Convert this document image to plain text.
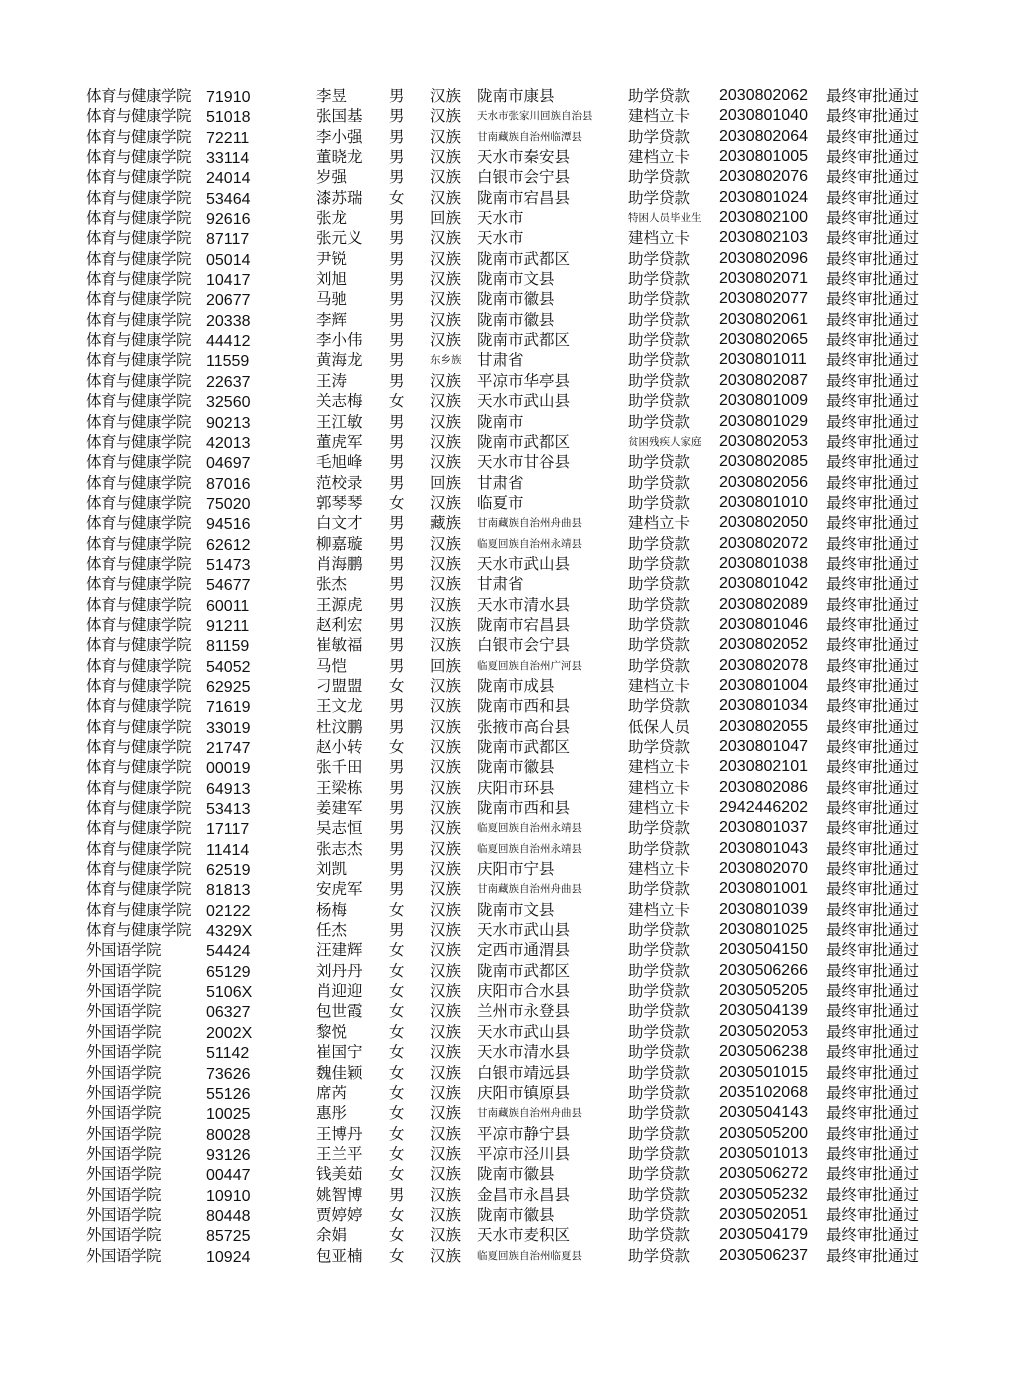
体育与健康学院 71910	李昱	男 汉族 陇南市康县	助学贷款 2030802062 最终审批通过
体育与健康学院 51018	张国基 男 汉族 天水市张家川回族自治县 建档立卡 2030801040 最终审批通过
体育与健康学院 72211	李小强 男 汉族 甘南藏族自治州临潭县	助学贷款 2030802064 最终审批通过
体育与健康学院 33114	董晓龙 男 汉族 天水市秦安县	建档立卡 2030801005 最终审批通过
体育与健康学院 24014	岁强	男 汉族 白银市会宁县	助学贷款 2030802076 最终审批通过
体育与健康学院 53464	漆苏瑞 女 汉族 陇南市宕昌县	助学贷款 2030801024 最终审批通过
体育与健康学院 92616	张龙	男 回族 天水市	特困人员毕业生 2030802100 最终审批通过
体育与健康学院 87117	张元义 男 汉族 天水市	建档立卡 2030802103 最终审批通过
体育与健康学院 05014	尹锐	男 汉族 陇南市武都区	助学贷款 2030802096 最终审批通过
体育与健康学院 10417	刘旭	男 汉族 陇南市文县	助学贷款 2030802071 最终审批通过
体育与健康学院 20677	马驰	男 汉族 陇南市徽县	助学贷款 2030802077 最终审批通过
体育与健康学院 20338	李辉	男 汉族 陇南市徽县	助学贷款 2030802061 最终审批通过
体育与健康学院 44412	李小伟 男 汉族 陇南市武都区	助学贷款 2030802065 最终审批通过
体育与健康学院 11559	黄海龙 男 东乡族 甘肃省	助学贷款 2030801011 最终审批通过
体育与健康学院 22637	王涛	男 汉族 平凉市华亭县	助学贷款 2030802087 最终审批通过
体育与健康学院 32560	关志梅 女 汉族 天水市武山县	助学贷款 2030801009 最终审批通过
体育与健康学院 90213	王江敏 男 汉族 陇南市	助学贷款 2030801029 最终审批通过
体育与健康学院 42013	董虎军 男 汉族 陇南市武都区	贫困残疾人家庭 2030802053 最终审批通过
体育与健康学院 04697	毛旭峰 男 汉族 天水市甘谷县	助学贷款 2030802085 最终审批通过
体育与健康学院 87016	范校录 男 回族 甘肃省	助学贷款 2030802056 最终审批通过
体育与健康学院 75020	郭琴琴 女 汉族 临夏市	助学贷款 2030801010 最终审批通过
体育与健康学院 94516	白文才 男 藏族 甘南藏族自治州舟曲县	建档立卡 2030802050 最终审批通过
体育与健康学院 62612	柳嘉璇 男 汉族 临夏回族自治州永靖县	助学贷款 2030802072 最终审批通过
体育与健康学院 51473	肖海鹏 男 汉族 天水市武山县	助学贷款 2030801038 最终审批通过
体育与健康学院 54677	张杰	男 汉族 甘肃省	助学贷款 2030801042 最终审批通过
体育与健康学院 60011	王源虎 男 汉族 天水市清水县	助学贷款 2030802089 最终审批通过
体育与健康学院 91211	赵利宏 男 汉族 陇南市宕昌县	助学贷款 2030801046 最终审批通过
体育与健康学院 81159	崔敏福 男 汉族 白银市会宁县	助学贷款 2030802052 最终审批通过
体育与健康学院 54052	马恺	男 回族 临夏回族自治州广河县	助学贷款 2030802078 最终审批通过
体育与健康学院 62925	刁盟盟 女 汉族 陇南市成县	建档立卡 2030801004 最终审批通过
体育与健康学院 71619	王文龙 男 汉族 陇南市西和县	助学贷款 2030801034 最终审批通过
体育与健康学院 33019	杜汶鹏 男 汉族 张掖市高台县	低保人员 2030802055 最终审批通过
体育与健康学院 21747	赵小转 女 汉族 陇南市武都区	助学贷款 2030801047 最终审批通过
体育与健康学院 00019	张千田 男 汉族 陇南市徽县	建档立卡 2030802101 最终审批通过
体育与健康学院 64913	王梁栋 男 汉族 庆阳市环县	建档立卡 2030802086 最终审批通过
体育与健康学院 53413	姜建军 男 汉族 陇南市西和县	建档立卡 2942446202 最终审批通过
体育与健康学院 17117	吴志恒 男 汉族 临夏回族自治州永靖县	助学贷款 2030801037 最终审批通过
体育与健康学院 11414	张志杰 男 汉族 临夏回族自治州永靖县	助学贷款 2030801043 最终审批通过
体育与健康学院 62519	刘凯	男 汉族 庆阳市宁县	建档立卡 2030802070 最终审批通过
体育与健康学院 81813	安虎军 男 汉族 甘南藏族自治州舟曲县	助学贷款 2030801001 最终审批通过
体育与健康学院 02122	杨梅	女 汉族 陇南市文县	建档立卡 2030801039 最终审批通过
体育与健康学院 4329X	任杰	男 汉族 天水市武山县	助学贷款 2030801025 最终审批通过
外国语学院	54424	汪建辉 女 汉族 定西市通渭县	助学贷款 2030504150 最终审批通过
外国语学院	65129	刘丹丹 女 汉族 陇南市武都区	助学贷款 2030506266 最终审批通过
外国语学院	5106X	肖迎迎 女 汉族 庆阳市合水县	助学贷款 2030505205 最终审批通过
外国语学院	06327	包世霞 女 汉族 兰州市永登县	助学贷款 2030504139 最终审批通过
外国语学院	2002X	黎悦	女 汉族 天水市武山县	助学贷款 2030502053 最终审批通过
外国语学院	51142	崔国宁 女 汉族 天水市清水县	助学贷款 2030506238 最终审批通过
外国语学院	73626	魏佳颖 女 汉族 白银市靖远县	助学贷款 2030501015 最终审批通过
外国语学院	55126	席芮	女 汉族 庆阳市镇原县	助学贷款 2035102068 最终审批通过
外国语学院	10025	惠彤	女 汉族 甘南藏族自治州舟曲县	助学贷款 2030504143 最终审批通过
外国语学院	80028	王博丹 女 汉族 平凉市静宁县	助学贷款 2030505200 最终审批通过
外国语学院	93126	王兰平 女 汉族 平凉市泾川县	助学贷款 2030501013 最终审批通过
外国语学院	00447	钱美茹 女 汉族 陇南市徽县	助学贷款 2030506272 最终审批通过
外国语学院	10910	姚智博 男 汉族 金昌市永昌县	助学贷款 2030505232 最终审批通过
外国语学院	80448	贾婷婷 女 汉族 陇南市徽县	助学贷款 2030502051 最终审批通过
外国语学院	85725	余娟	女 汉族 天水市麦积区	助学贷款 2030504179 最终审批通过
外国语学院	10924	包亚楠 女 汉族 临夏回族自治州临夏县	助学贷款 2030506237 最终审批通过
